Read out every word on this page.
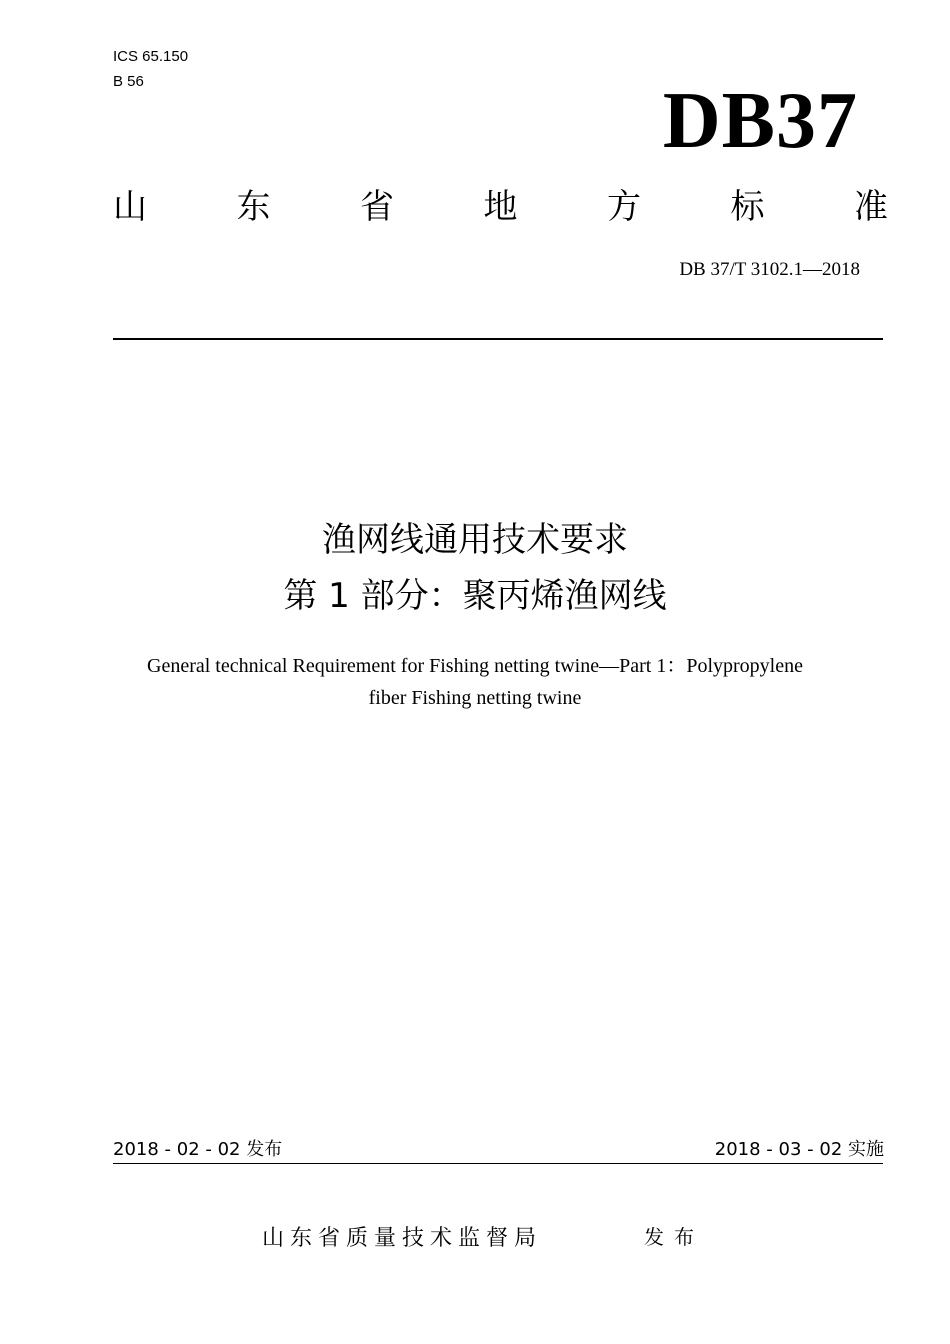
ICS 65.150
B 56	DB37
山	东	省	地	方	标	准
DB 37/T 3102.1—2018
渔网线通用技术要求
第 1 部分：聚丙烯渔网线
General technical Requirement for Fishing netting twine—Part 1：Polypropylene
fiber Fishing netting twine
2018 - 02 - 02 发布	2018 - 03 - 02 实施
山东省质量技术监督局	发布
